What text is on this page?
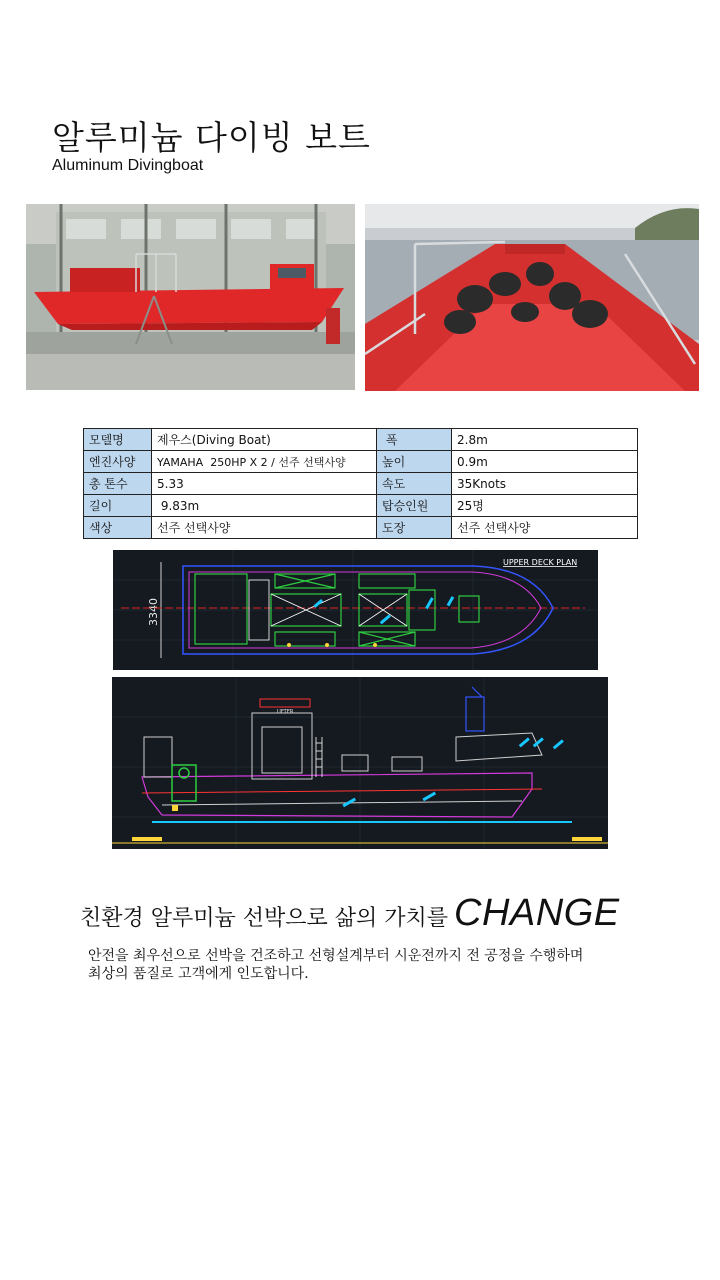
알루미늄 다이빙 보트
Aluminum Divingboat
모델명	제우스(Diving Boat)	폭	2.8m
엔진사양	YAMAHA  250HP X 2 / 선주 선택사양	높이	0.9m
총 톤수	5.33	속도	35Knots
길이	9.83m	탑승인원	25명
색상	선주 선택사양	도장	선주 선택사양
UPPER DECK PLAN
3340
LIFTER
친환경 알루미늄 선박으로 삶의 가치를 CHANGE
안전을 최우선으로 선박을 건조하고 선형설계부터 시운전까지 전 공정을 수행하며
최상의 품질로 고객에게 인도합니다.
